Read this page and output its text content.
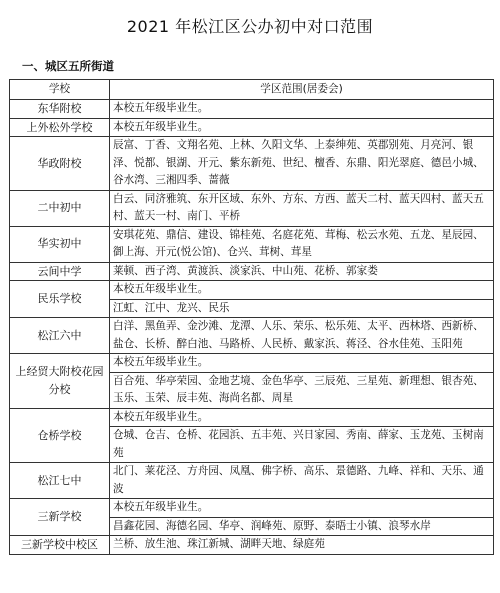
2021 年松江区公办初中对口范围
一、城区五所街道
学校	学区范围(居委会)
东华附校	本校五年级毕业生。

上外松外学校	本校五年级毕业生。

华政附校	辰富、丁香、文翔名苑、上林、久阳文华、上泰绅苑、英郡别苑、月亮河、银泽、悦都、银湖、开元、紫东新苑、世纪、檀香、东鼎、阳光翠庭、德邑小城、谷水湾、三湘四季、蔷薇

二中初中	白云、同济雅筑、东开区域、东外、方东、方西、蓝天二村、蓝天四村、蓝天五村、蓝天一村、南门、平桥

华实初中	安琪花苑、鼎信、建设、锦桂苑、名庭花苑、茸梅、松云水苑、五龙、星辰园、御上海、开元(悦公馆)、仓兴、茸树、茸星

云间中学	莱顿、西子湾、黄渡浜、淡家浜、中山苑、花桥、郭家娄

民乐学校	本校五年级毕业生。
江虹、江中、龙兴、民乐

松江六中	白洋、黑鱼弄、金沙滩、龙潭、人乐、荣乐、松乐苑、太平、西林塔、西新桥、盐仓、长桥、醉白池、马路桥、人民桥、戴家浜、蒋泾、谷水佳苑、玉阳苑

上经贸大附校花园分校	本校五年级毕业生。
百合苑、华亭荣园、金地艺境、金色华亭、三辰苑、三星苑、新理想、银杏苑、玉乐、玉荣、辰丰苑、海尚名都、周星

仓桥学校	本校五年级毕业生。
仓城、仓吉、仓桥、花园浜、五丰苑、兴日家园、秀南、薛家、玉龙苑、玉树南苑

松江七中	北门、莱花泾、方舟园、凤凰、佛字桥、高乐、景德路、九峰、祥和、天乐、通波

三新学校	本校五年级毕业生。
昌鑫花园、海德名园、华亭、润峰苑、原野、泰晤士小镇、浪琴水岸

三新学校中校区	兰桥、放生池、珠江新城、湖畔天地、绿庭苑
